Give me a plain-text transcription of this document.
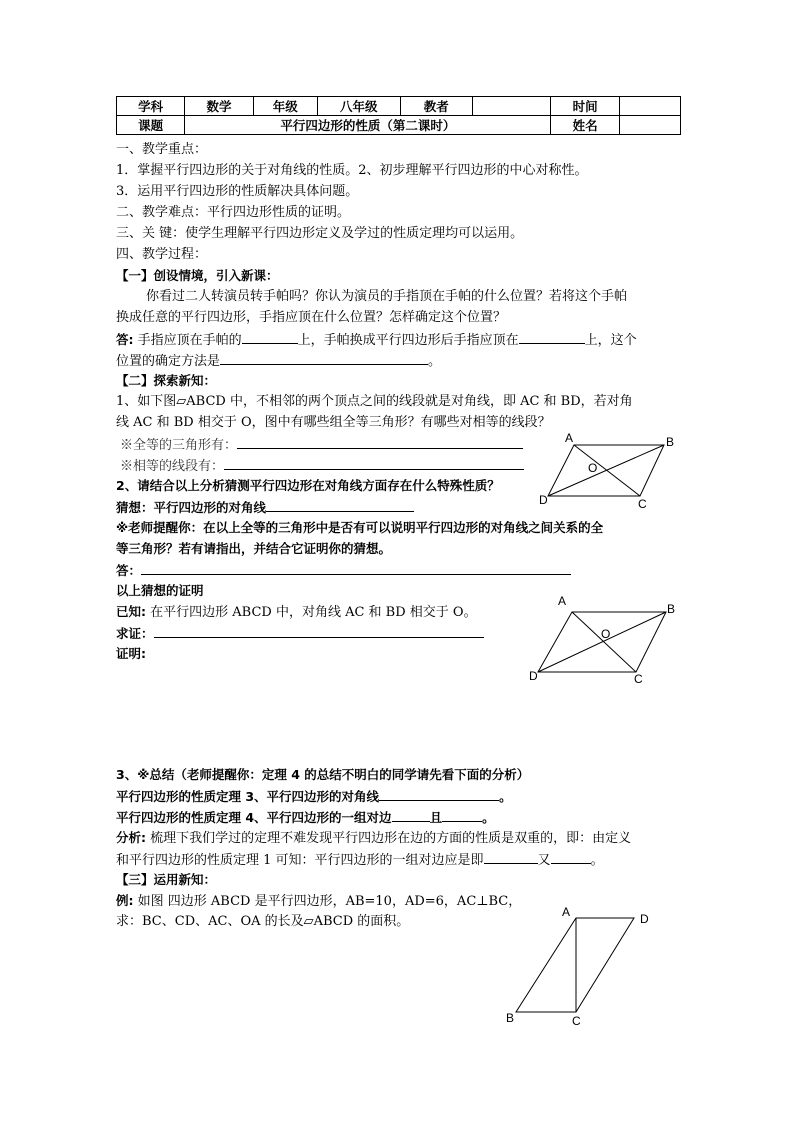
学科	数学	年级	八年级	教者		时间	
课题	平行四边形的性质（第二课时）					姓名	
一、教学重点：
1．掌握平行四边形的关于对角线的性质。2、初步理解平行四边形的中心对称性。
3．运用平行四边形的性质解决具体问题。
二、教学难点：平行四边形性质的证明。
三、关 键：使学生理解平行四边形定义及学过的性质定理均可以运用。
四、教学过程：
【一】创设情境，引入新课：
你看过二人转演员转手帕吗？你认为演员的手指顶在手帕的什么位置？若将这个手帕
换成任意的平行四边形，手指应顶在什么位置？怎样确定这个位置？
答: 手指应顶在手帕的	上，手帕换成平行四边形后手指应顶在	上，这个
位置的确定方法是	。
【二】探索新知：
1、如下图▱ABCD 中，不相邻的两个顶点之间的线段就是对角线，即 AC 和 BD，若对角
线 AC 和 BD 相交于 O，图中有哪些组全等三角形？有哪些对相等的线段？
※全等的三角形有：
※相等的线段有：
2、请结合以上分析猜测平行四边形在对角线方面存在什么特殊性质？
猜想：平行四边形的对角线
※老师提醒你：在以上全等的三角形中是否有可以说明平行四边形的对角线之间关系的全
等三角形？若有请指出，并结合它证明你的猜想。
答：
以上猜想的证明
已知: 在平行四边形 ABCD 中，对角线 AC 和 BD 相交于 O。
求证：
证明:
3、※总结（老师提醒你：定理 4 的总结不明白的同学请先看下面的分析）
平行四边形的性质定理 3、平行四边形的对角线	。
平行四边形的性质定理 4、平行四边形的一组对边	且	。
分析: 梳理下我们学过的定理不难发现平行四边形在边的方面的性质是双重的，即：由定义
和平行四边形的性质定理 1 可知：平行四边形的一组对边应是即	又	。
【三】运用新知：
例: 如图 四边形 ABCD 是平行四边形，AB=10，AD=6，AC⊥BC，
求：BC、CD、AC、OA 的长及▱ABCD 的面积。
A	B
C
D
O
A
B
C
D
O
A	D
C
B
